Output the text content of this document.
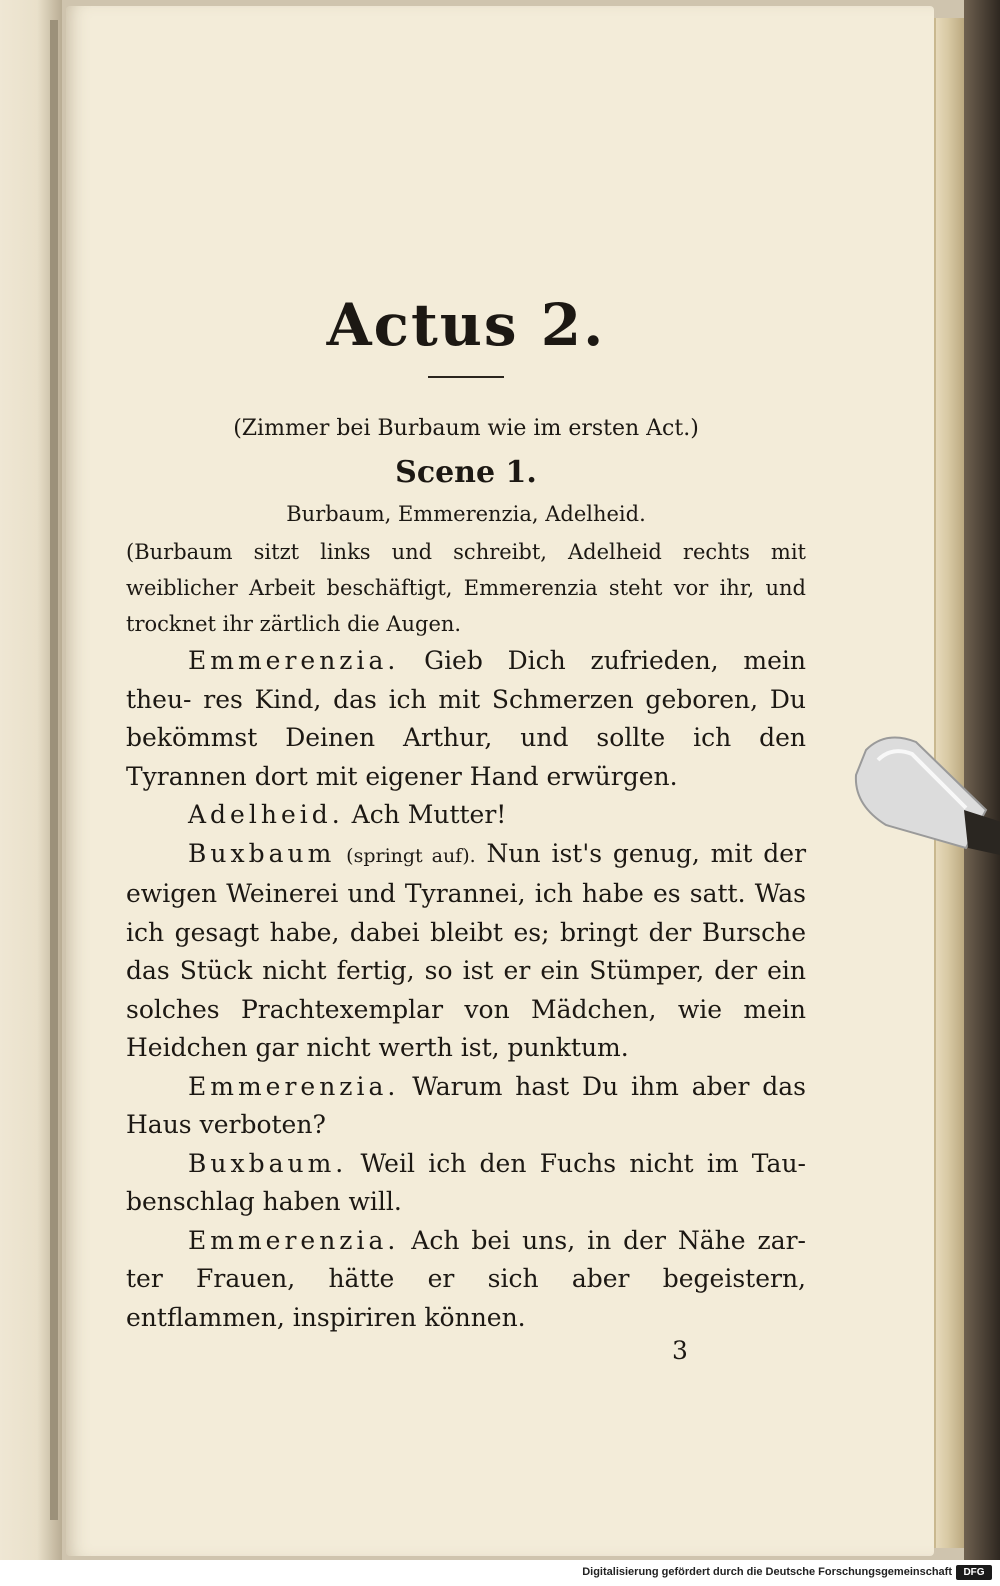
Actus 2.
(Zimmer bei Burbaum wie im ersten Act.)
Scene 1.
Burbaum, Emmerenzia, Adelheid.
(Burbaum sitzt links und schreibt, Adelheid rechts mit weiblicher Arbeit beschäftigt, Emmerenzia steht vor ihr, und trocknet ihr zärtlich die Augen.

Emmerenzia. Gieb Dich zufrieden, mein theu- res Kind, das ich mit Schmerzen geboren, Du bekömmst Deinen Arthur, und sollte ich den Tyrannen dort mit eigener Hand erwürgen.

Adelheid. Ach Mutter!

Buxbaum (springt auf). Nun ist's genug, mit der ewigen Weinerei und Tyrannei, ich habe es satt. Was ich gesagt habe, dabei bleibt es; bringt der Bursche das Stück nicht fertig, so ist er ein Stümper, der ein solches Prachtexemplar von Mädchen, wie mein Heidchen gar nicht werth ist, punktum.

Emmerenzia. Warum hast Du ihm aber das Haus verboten?

Buxbaum. Weil ich den Fuchs nicht im Tau- benschlag haben will.

Emmerenzia. Ach bei uns, in der Nähe zar- ter Frauen, hätte er sich aber begeistern, entflammen, inspiriren können.

3
Digitalisierung gefördert durch die Deutsche Forschungsgemeinschaft	DFG
